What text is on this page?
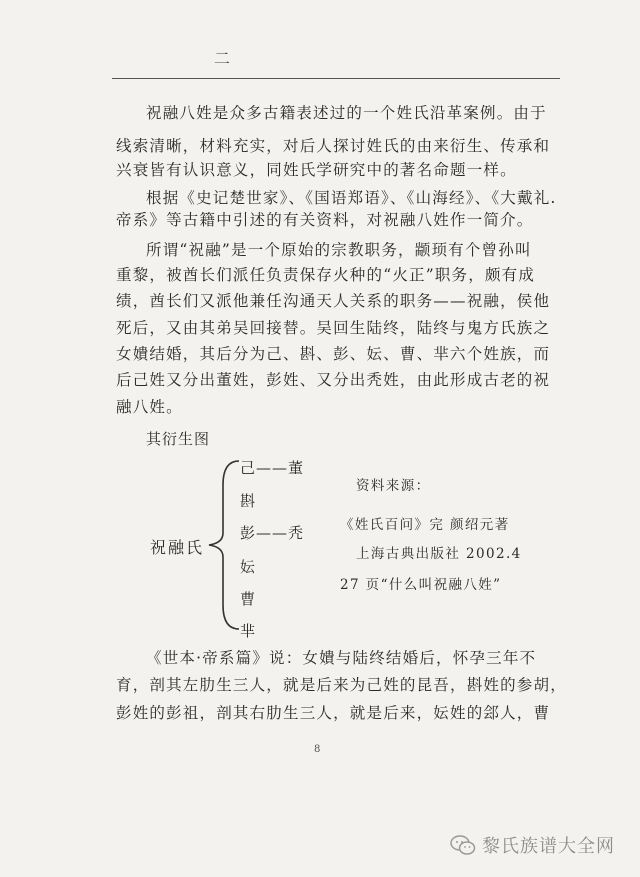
二
祝融八姓是众多古籍表述过的一个姓氏沿革案例。由于
线索清晰，材料充实，对后人探讨姓氏的由来衍生、传承和
兴衰皆有认识意义，同姓氏学研究中的著名命题一样。
根据《史记楚世家》、《国语郑语》、《山海经》、《大戴礼.
帝系》等古籍中引述的有关资料，对祝融八姓作一简介。
所谓“祝融”是一个原始的宗教职务，颛顼有个曾孙叫
重黎，被酋长们派任负责保存火种的“火正”职务，颇有成
绩，酋长们又派他兼任沟通天人关系的职务——祝融，侯他
死后，又由其弟吴回接替。吴回生陆终，陆终与鬼方氏族之
女嬇结婚，其后分为己、斟、彭、妘、曹、芈六个姓族，而
后己姓又分出董姓，彭姓、又分出秃姓，由此形成古老的祝
融八姓。
其衍生图
祝融氏
己——董
斟
彭——秃
妘
曹
芈
资料来源：
《姓氏百问》完 颜绍元著
上海古典出版社 2002.4
27 页“什么叫祝融八姓”
《世本·帝系篇》说：女嬇与陆终结婚后，怀孕三年不
育，剖其左肋生三人，就是后来为己姓的昆吾，斟姓的参胡，
彭姓的彭祖，剖其右肋生三人，就是后来，妘姓的郐人，曹
8
黎氏族谱大全网
